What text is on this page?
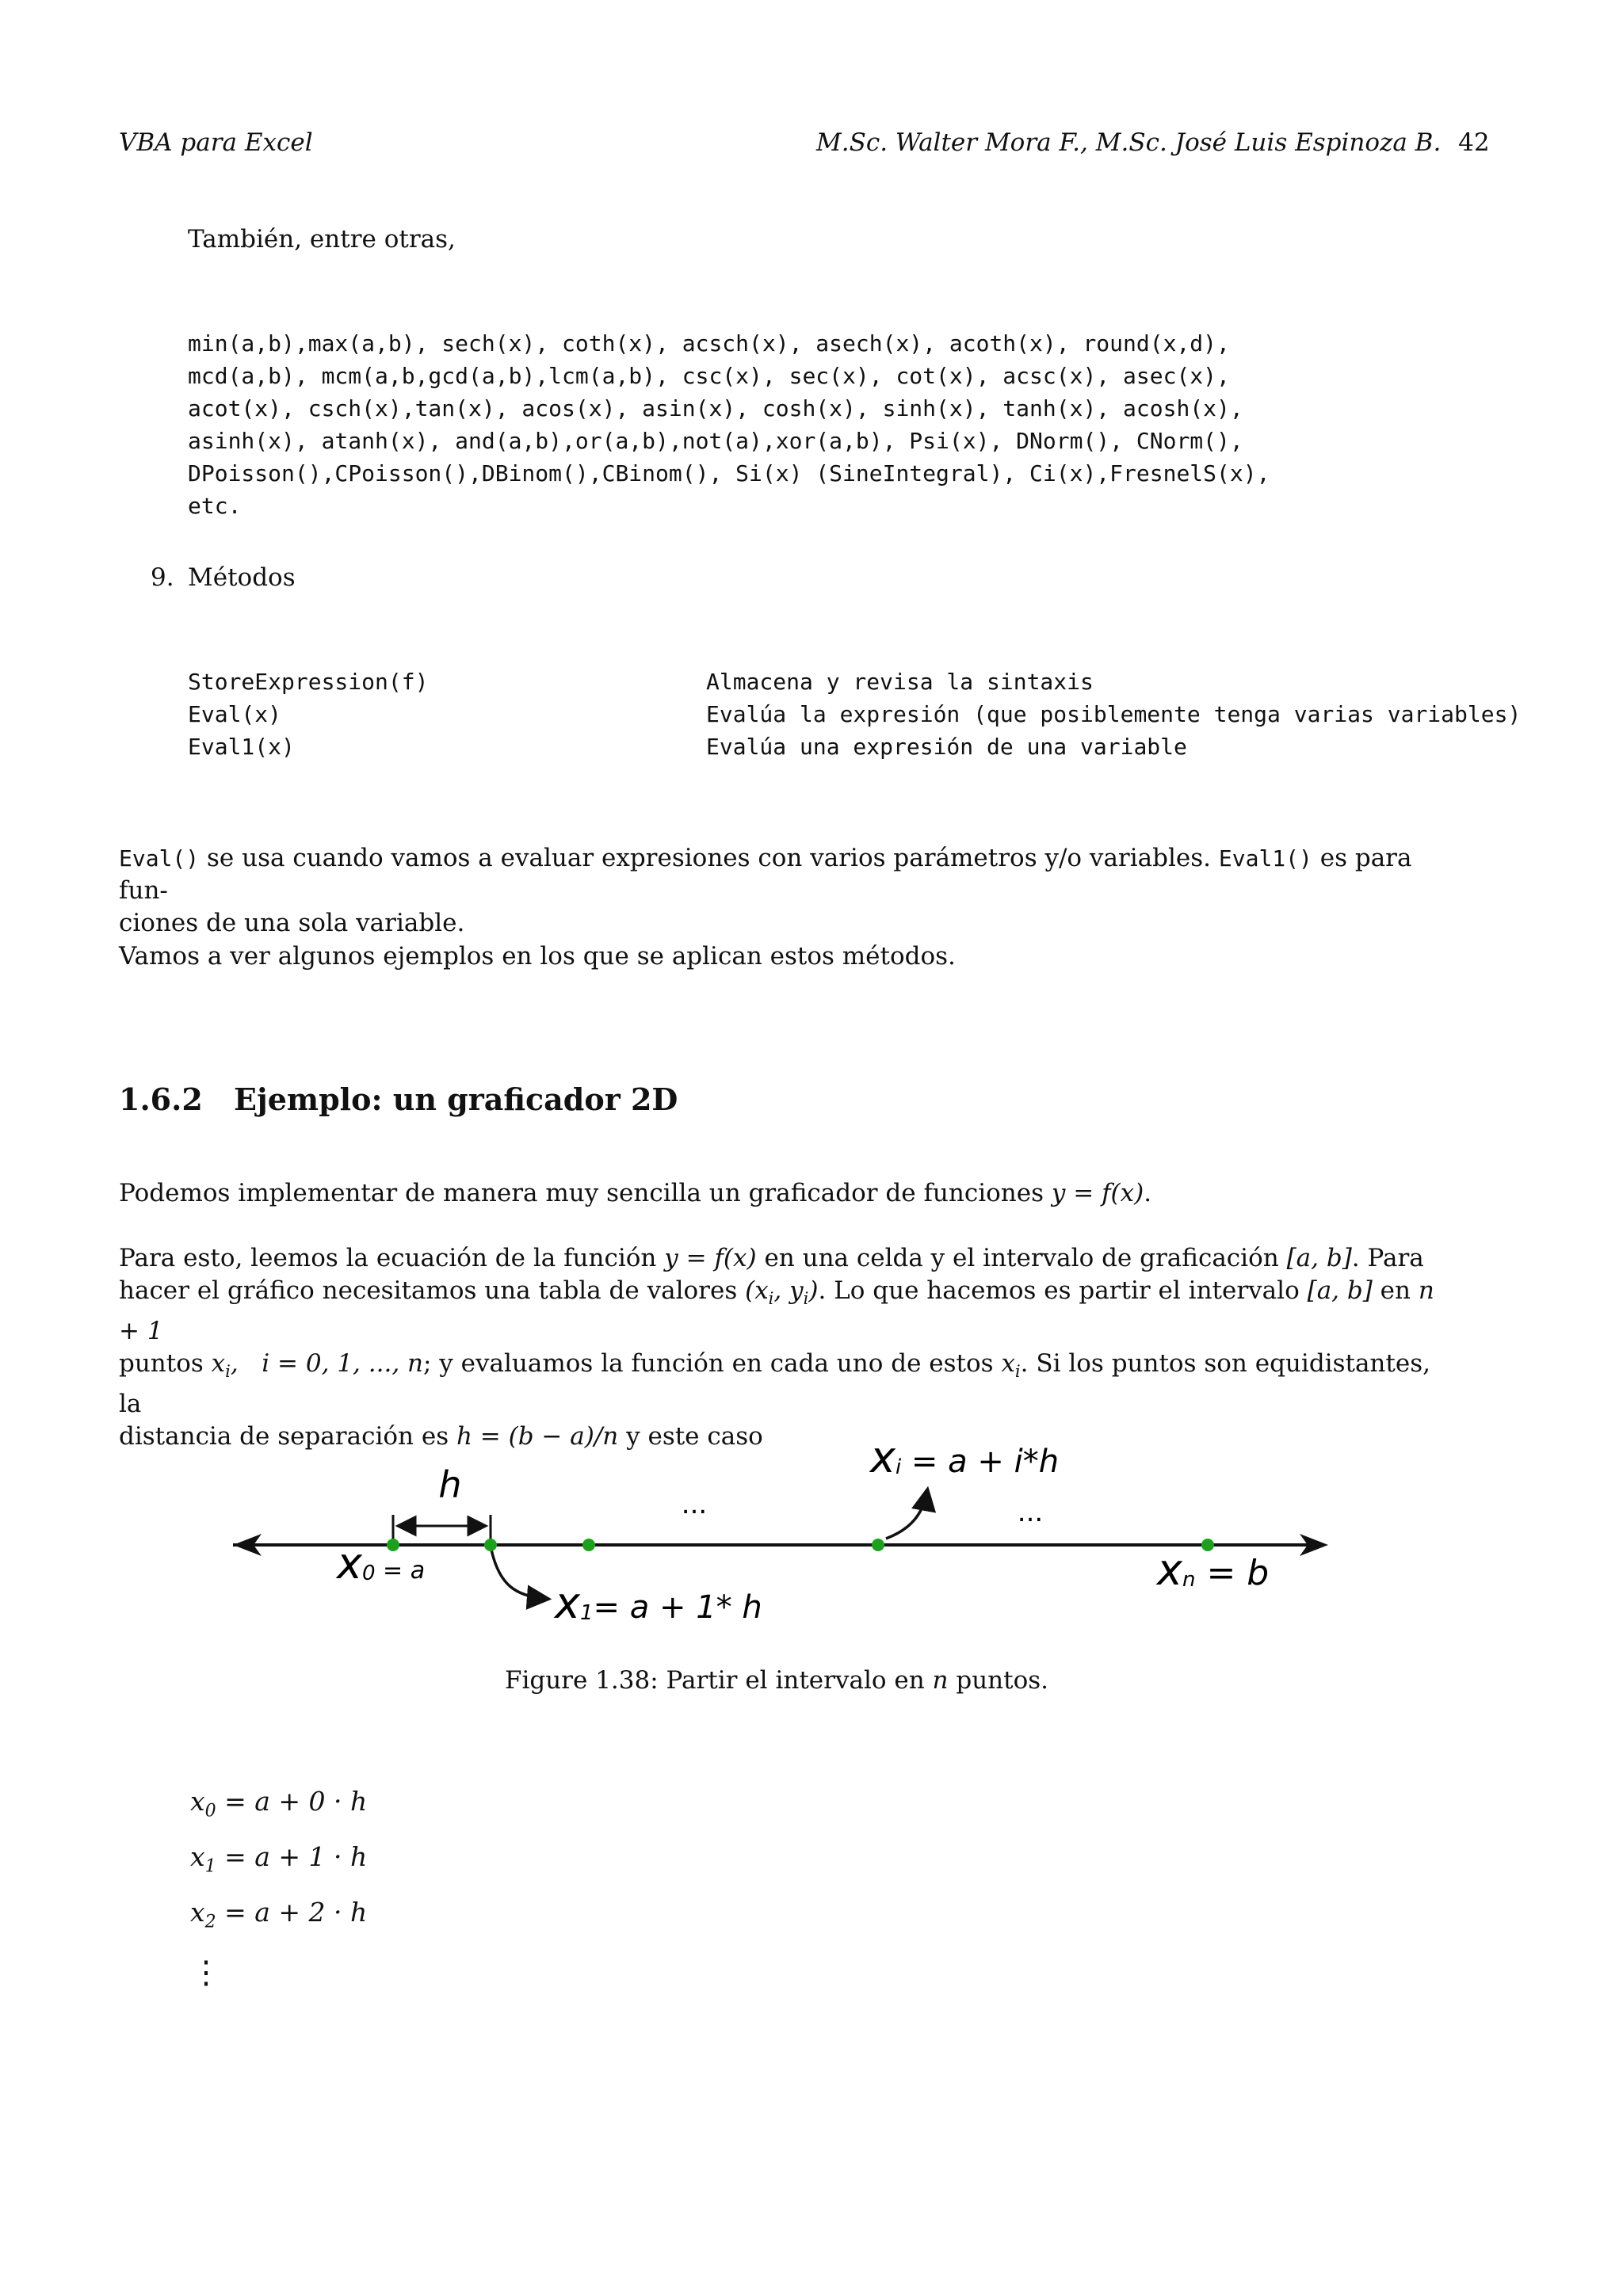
VBA para Excel	M.Sc. Walter Mora F., M.Sc. José Luis Espinoza B. 42
También, entre otras,
min(a,b),max(a,b), sech(x), coth(x), acsch(x), asech(x), acoth(x), round(x,d),
mcd(a,b), mcm(a,b,gcd(a,b),lcm(a,b), csc(x), sec(x), cot(x), acsc(x), asec(x),
acot(x), csch(x),tan(x), acos(x), asin(x), cosh(x), sinh(x), tanh(x), acosh(x),
asinh(x), atanh(x), and(a,b),or(a,b),not(a),xor(a,b), Psi(x), DNorm(), CNorm(),
DPoisson(),CPoisson(),DBinom(),CBinom(), Si(x) (SineIntegral), Ci(x),FresnelS(x),
etc.
9. Métodos
StoreExpression(f)	Almacena y revisa la sintaxis
Eval(x)	Evalúa la expresión (que posiblemente tenga varias variables)
Eval1(x)	Evalúa una expresión de una variable
Eval() se usa cuando vamos a evaluar expresiones con varios parámetros y/o variables. Eval1() es para fun-
ciones de una sola variable.
Vamos a ver algunos ejemplos en los que se aplican estos métodos.
1.6.2 Ejemplo: un graficador 2D
Podemos implementar de manera muy sencilla un graficador de funciones y = f(x).
Para esto, leemos la ecuación de la función y = f(x) en una celda y el intervalo de graficación [a, b]. Para
hacer el gráfico necesitamos una tabla de valores ($x_i$, $y_i$). Lo que hacemos es partir el intervalo [a, b] en n + 1
puntos $x_i$,   i = 0, 1, ..., n; y evaluamos la función en cada uno de estos $x_i$. Si los puntos son equidistantes, la
distancia de separación es h = (b − a)/n y este caso
h	...	...
x0 = a
x1= a + 1* h
xi = a + i*h
xn = b
Figure 1.38: Partir el intervalo en n puntos.
$x_0 = a + 0 \cdot h$
$x_1 = a + 1 \cdot h$
$x_2 = a + 2 \cdot h$
⋮
